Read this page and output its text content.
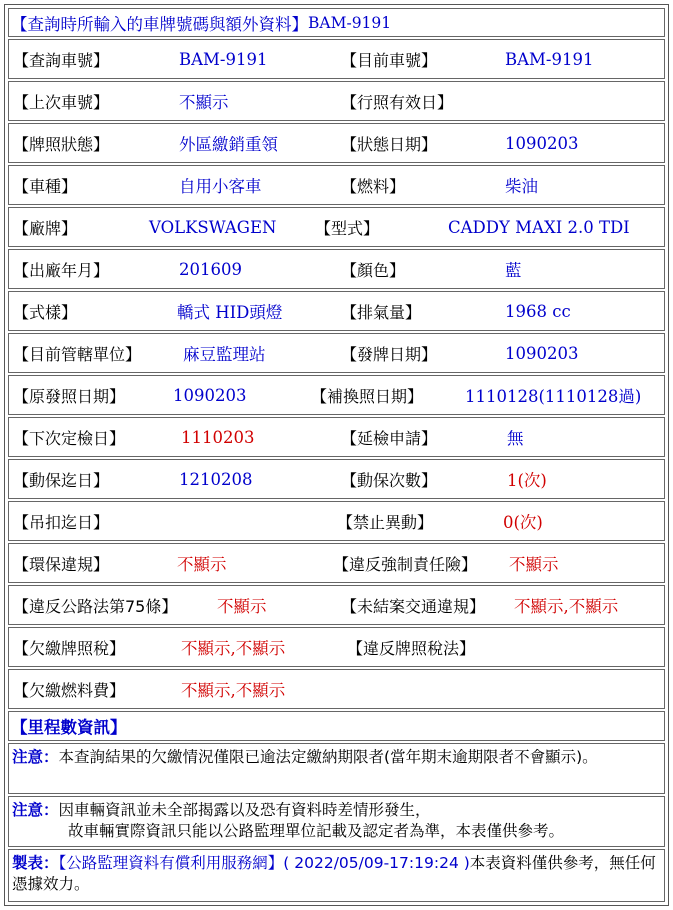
【查詢時所輸入的車牌號碼與額外資料】 BAM-9191
【查詢車號】	BAM-9191	【目前車號】	BAM-9191
【上次車號】	不顯示	【行照有效日】
【牌照狀態】	外區繳銷重領	【狀態日期】	1090203
【車種】	自用小客車	【燃料】	柴油
【廠牌】	VOLKSWAGEN 【型式】	CADDY MAXI 2.0 TDI
【出廠年月】	201609	【顏色】	藍
【式樣】	轎式 HID頭燈	【排氣量】	1968 cc
【目前管轄單位】	麻豆監理站	【發牌日期】	1090203
【原發照日期】	1090203	【補換照日期】	1110128(1110128過)
【下次定檢日】	1110203	【延檢申請】	無
【動保迄日】	1210208	【動保次數】	1(次)
【吊扣迄日】	【禁止異動】	0(次)
【環保違規】	不顯示	【違反強制責任險】 不顯示
【違反公路法第75條】 不顯示	【未結案交通違規】 不顯示,不顯示
【欠繳牌照稅】	不顯示,不顯示	【違反牌照稅法】
【欠繳燃料費】	不顯示,不顯示
【里程數資訊】
注意：本查詢結果的欠繳情況僅限已逾法定繳納期限者(當年期末逾期限者不會顯示)。
注意：因車輛資訊並未全部揭露以及恐有資料時差情形發生，
故車輛實際資訊只能以公路監理單位記載及認定者為準，本表僅供參考。
製表：【公路監理資料有償利用服務網】( 2022/05/09-17:19:24 )本表資料僅供參考，無任何憑據效力。
